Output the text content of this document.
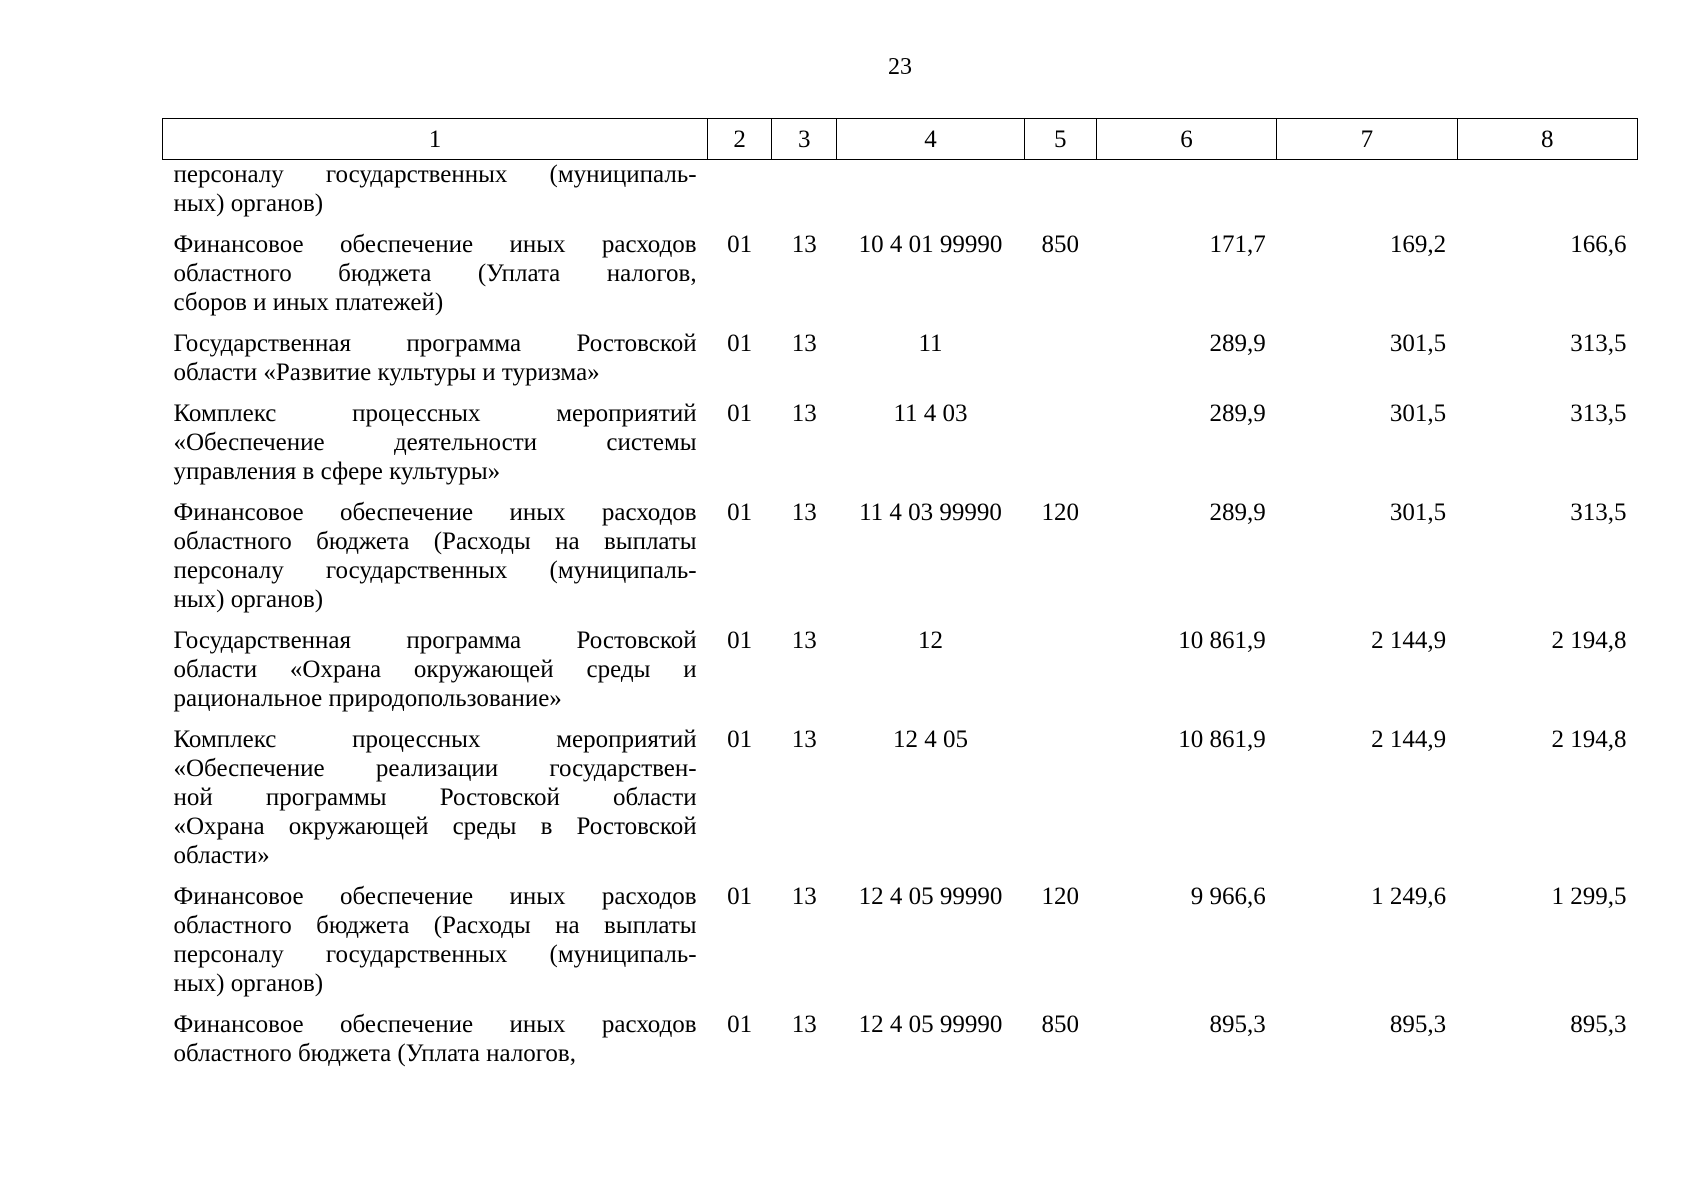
23
1	2	3	4	5	6	7	8

персоналу государственных (муниципаль-
ных) органов)							

Финансовое обеспечение иных расходов
областного бюджета (Уплата налогов,
сборов и иных платежей)	01	13	10 4 01 99990	850	171,7	169,2	166,6

Государственная программа Ростовской
области «Развитие культуры и туризма»	01	13	11		289,9	301,5	313,5

Комплекс процессных мероприятий
«Обеспечение деятельности системы
управления в сфере культуры»	01	13	11 4 03		289,9	301,5	313,5

Финансовое обеспечение иных расходов
областного бюджета (Расходы на выплаты
персоналу государственных (муниципаль-
ных) органов)	01	13	11 4 03 99990	120	289,9	301,5	313,5

Государственная программа Ростовской
области «Охрана окружающей среды и
рациональное природопользование»	01	13	12		10 861,9	2 144,9	2 194,8

Комплекс процессных мероприятий
«Обеспечение реализации государствен-
ной программы Ростовской области
«Охрана окружающей среды в Ростовской
области»	01	13	12 4 05		10 861,9	2 144,9	2 194,8

Финансовое обеспечение иных расходов
областного бюджета (Расходы на выплаты
персоналу государственных (муниципаль-
ных) органов)	01	13	12 4 05 99990	120	9 966,6	1 249,6	1 299,5

Финансовое обеспечение иных расходов
областного бюджета (Уплата налогов,	01	13	12 4 05 99990	850	895,3	895,3	895,3
